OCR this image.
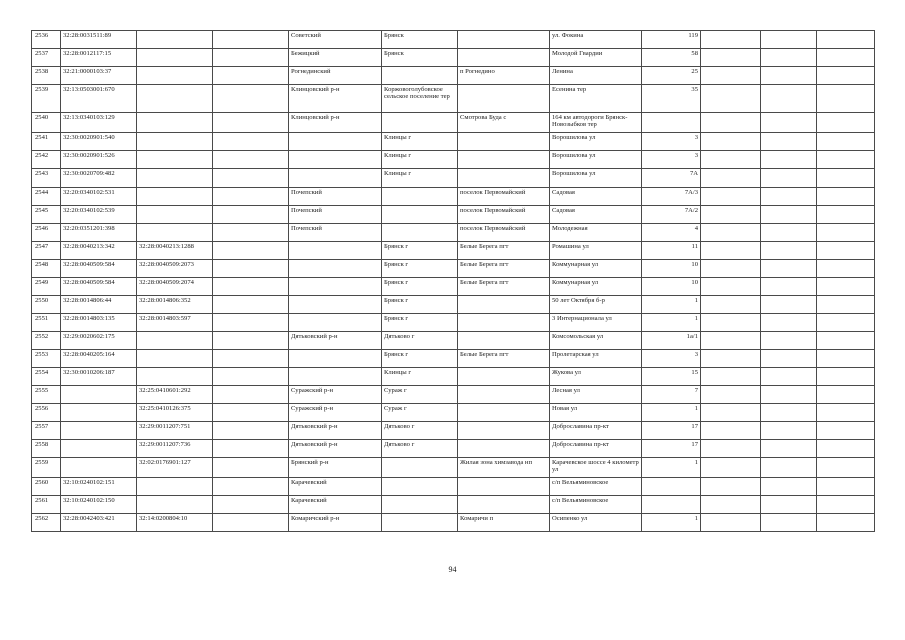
2536	32:28:0031511:89			Советский	Брянск		ул. Фокина	119			
2537	32:28:0012117:15			Бежицкий	Брянск		Молодой Гвардии	58			
2538	32:21:0000103:37			Рогнединский		п Рогнедино	Ленина	25			
2539	32:13:0503001:670			Клинцовский р-н	Коржовоголубовское сельское поселение тер		Есенина тер	35			
2540	32:13:0340103:129			Клинцовский р-н		Смотрова Буда с	164 км автодороги Брянск-Новозыбков тер				
2541	32:30:0020901:540				Клинцы г		Ворошилова ул	3			
2542	32:30:0020901:526				Клинцы г		Ворошилова ул	3			
2543	32:30:0020709:482				Клинцы г		Ворошилова ул	7А			
2544	32:20:0340102:531			Почепский		поселок Первомайский	Садовая	7А/3			
2545	32:20:0340102:539			Почепский		поселок Первомайский	Садовая	7А/2			
2546	32:20:0351201:398			Почепский		поселок Первомайский	Молодежная	4			
2547	32:28:0040213:342	32:28:0040213:1288			Брянск г	Белые Берега пгт	Ромашина ул	11			
2548	32:28:0040509:584	32:28:0040509:2073			Брянск г	Белые Берега пгт	Коммунарная ул	10			
2549	32:28:0040509:584	32:28:0040509:2074			Брянск г	Белые Берега пгт	Коммунарная ул	10			
2550	32:28:0014806:44	32:28:0014806:352			Брянск г		50 лет Октября б-р	1			
2551	32:28:0014803:135	32:28:0014803:597			Брянск г		3 Интернационала ул	1			
2552	32:29:0020602:175			Дятьковский р-н	Дятьково г		Комсомольская ул	1а/1			
2553	32:28:0040205:164				Брянск г	Белые Берега пгт	Пролетарская ул	3			
2554	32:30:0010206:187				Клинцы г		Жукова ул	15			
2555		32:25:0410601:292		Суражский р-н	Сураж г		Лесная ул	7			
2556		32:25:0410126:375		Суражский р-н	Сураж г		Новая ул	1			
2557		32:29:0011207:751		Дятьковский р-н	Дятьково г		Доброславина пр-кт	17			
2558		32:29:0011207:736		Дятьковский р-н	Дятьково г		Доброславина пр-кт	17			
2559		32:02:0176901:127		Брянский р-н		Жилая зона химзавода нп	Карачевское шоссе 4 километр ул	1			
2560	32:10:0240102:151			Карачевский			с/п Вельяминовское				
2561	32:10:0240102:150			Карачевский			с/п Вельяминовское				
2562	32:28:0042403:421	32:14:0200804:10		Комаричский р-н		Комаричи п	Осипенко ул	1			
94
